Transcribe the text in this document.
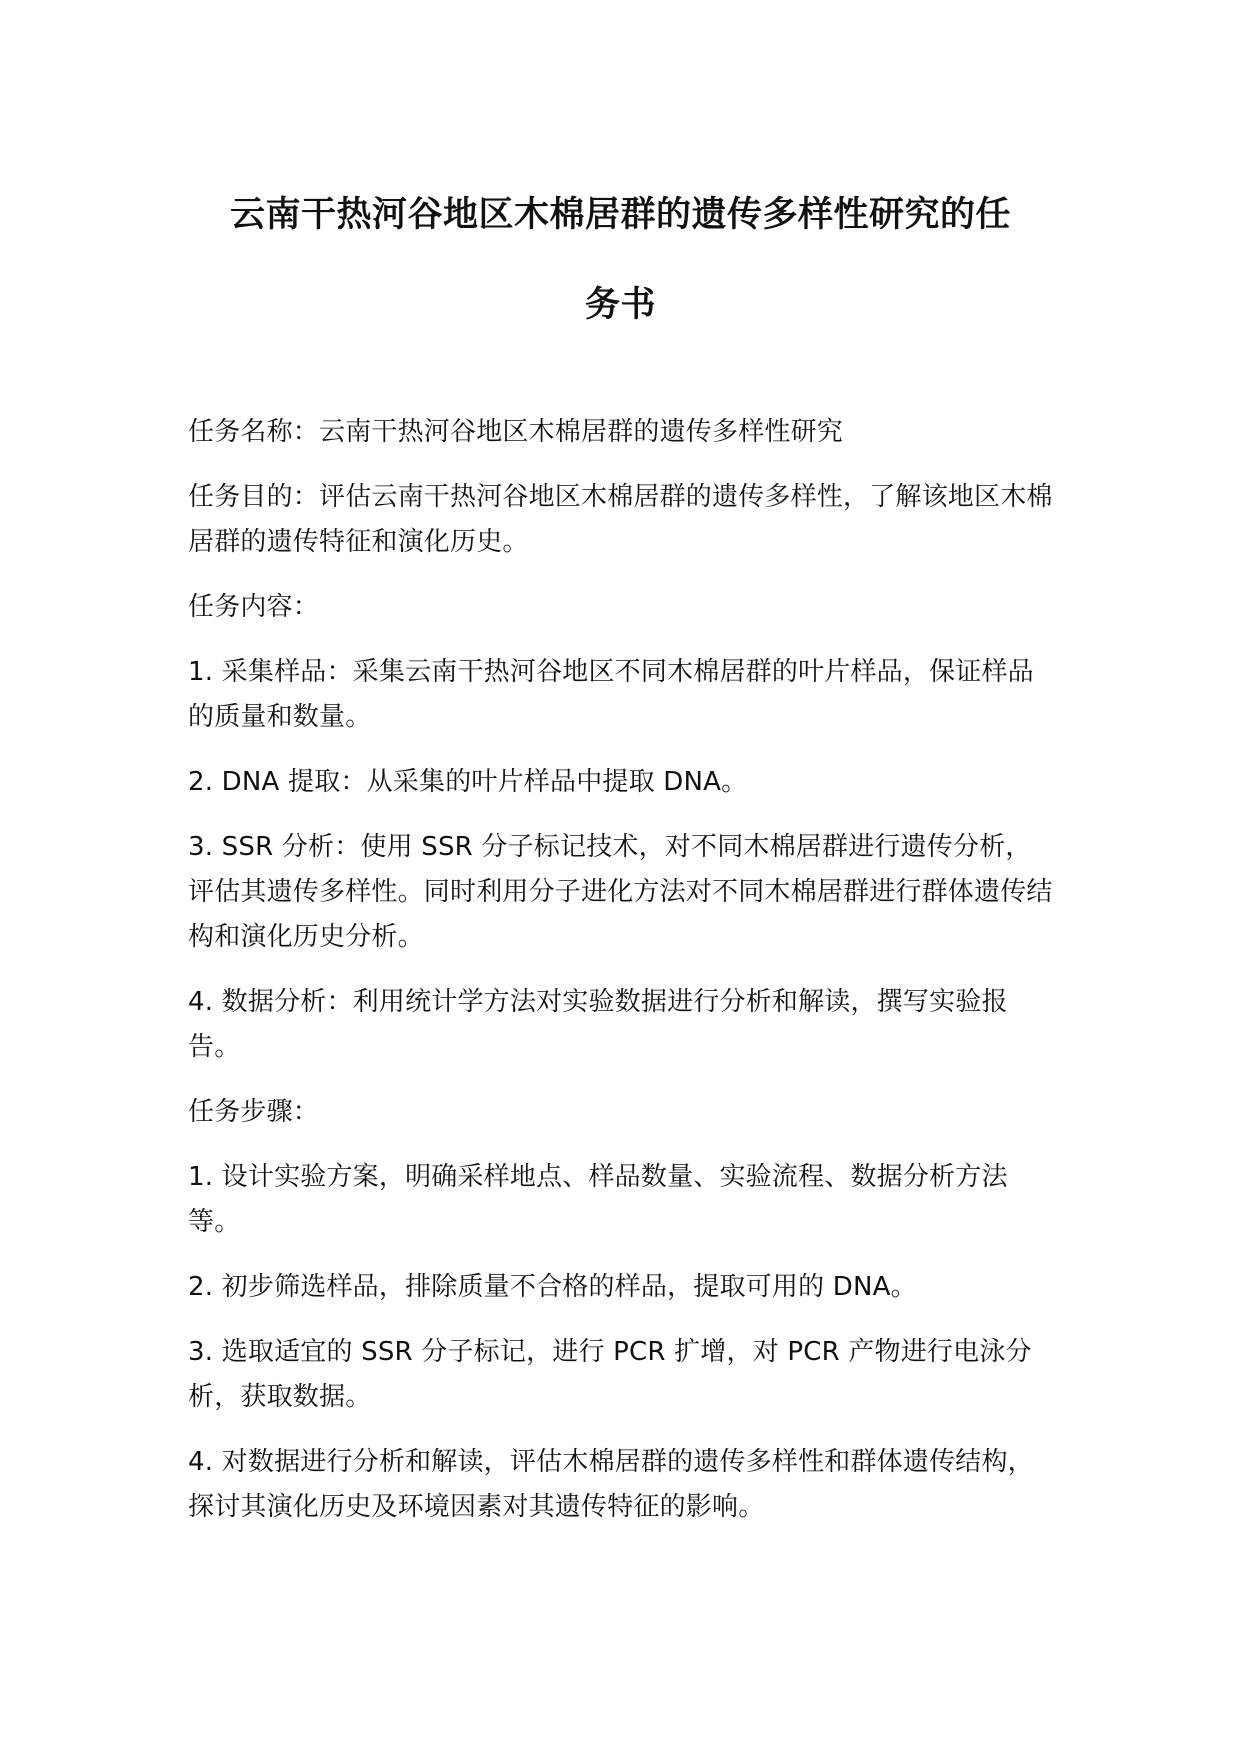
云南干热河谷地区木棉居群的遗传多样性研究的任
务书

任务名称：云南干热河谷地区木棉居群的遗传多样性研究

任务目的：评估云南干热河谷地区木棉居群的遗传多样性，了解该地区木棉居群的遗传特征和演化历史。

任务内容：

1. 采集样品：采集云南干热河谷地区不同木棉居群的叶片样品，保证样品的质量和数量。

2. DNA 提取：从采集的叶片样品中提取 DNA。

3. SSR 分析：使用 SSR 分子标记技术，对不同木棉居群进行遗传分析，评估其遗传多样性。同时利用分子进化方法对不同木棉居群进行群体遗传结构和演化历史分析。

4. 数据分析：利用统计学方法对实验数据进行分析和解读，撰写实验报告。

任务步骤：

1. 设计实验方案，明确采样地点、样品数量、实验流程、数据分析方法等。

2. 初步筛选样品，排除质量不合格的样品，提取可用的 DNA。

3. 选取适宜的 SSR 分子标记，进行 PCR 扩增，对 PCR 产物进行电泳分析，获取数据。

4. 对数据进行分析和解读，评估木棉居群的遗传多样性和群体遗传结构，探讨其演化历史及环境因素对其遗传特征的影响。
